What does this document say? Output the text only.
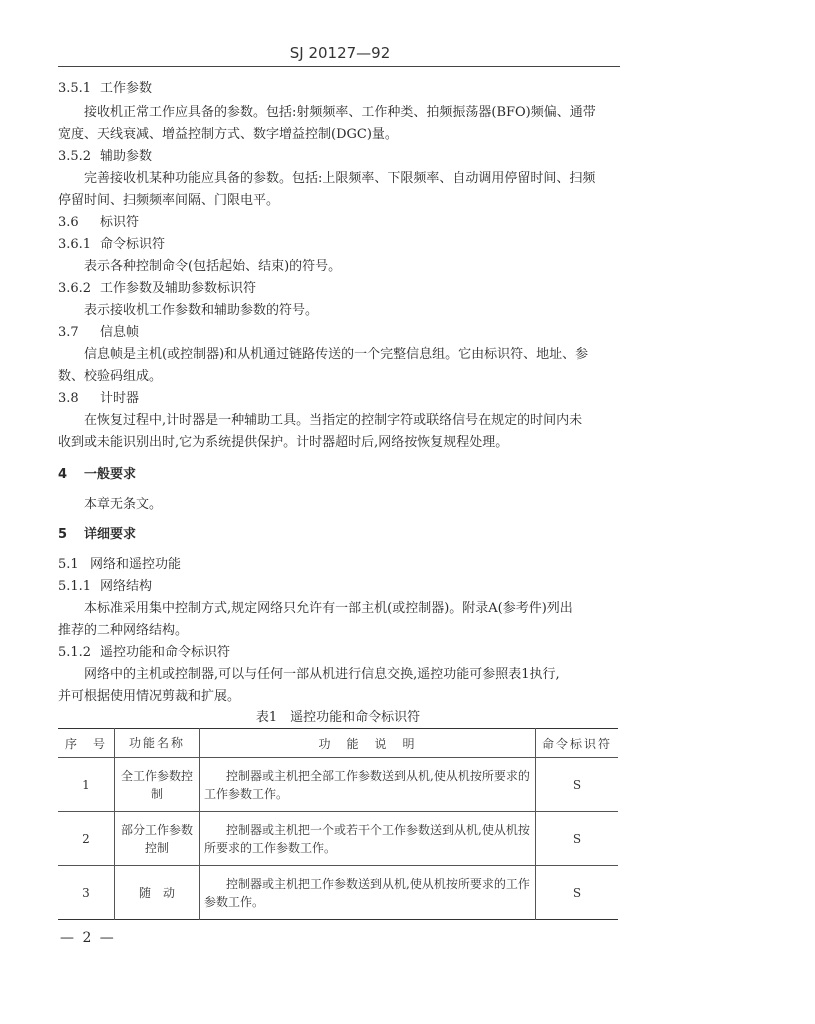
SJ 20127—92
3.5.1 工作参数
接收机正常工作应具备的参数。包括:射频频率、工作种类、拍频振荡器(BFO)频偏、通带
宽度、天线衰减、增益控制方式、数字增益控制(DGC)量。
3.5.2 辅助参数
完善接收机某种功能应具备的参数。包括:上限频率、下限频率、自动调用停留时间、扫频
停留时间、扫频频率间隔、门限电平。
3.6 标识符
3.6.1 命令标识符
表示各种控制命令(包括起始、结束)的符号。
3.6.2 工作参数及辅助参数标识符
表示接收机工作参数和辅助参数的符号。
3.7 信息帧
信息帧是主机(或控制器)和从机通过链路传送的一个完整信息组。它由标识符、地址、参
数、校验码组成。
3.8 计时器
在恢复过程中,计时器是一种辅助工具。当指定的控制字符或联络信号在规定的时间内未
收到或未能识别出时,它为系统提供保护。计时器超时后,网络按恢复规程处理。
4 一般要求
本章无条文。
5 详细要求
5.1 网络和遥控功能
5.1.1 网络结构
本标准采用集中控制方式,规定网络只允许有一部主机(或控制器)。附录A(参考件)列出
推荐的二种网络结构。
5.1.2 遥控功能和命令标识符
网络中的主机或控制器,可以与任何一部从机进行信息交换,遥控功能可参照表1执行,
并可根据使用情况剪裁和扩展。
表1　遥控功能和命令标识符
序　号	功能名称	功　能　说　明	命令标识符
1	全工作参数控制	控制器或主机把全部工作参数送到从机,使从机按所要求的工作参数工作。	S
2	部分工作参数控制	控制器或主机把一个或若干个工作参数送到从机,使从机按所要求的工作参数工作。	S
3	随　动	控制器或主机把工作参数送到从机,使从机按所要求的工作参数工作。	S
— 2 —
